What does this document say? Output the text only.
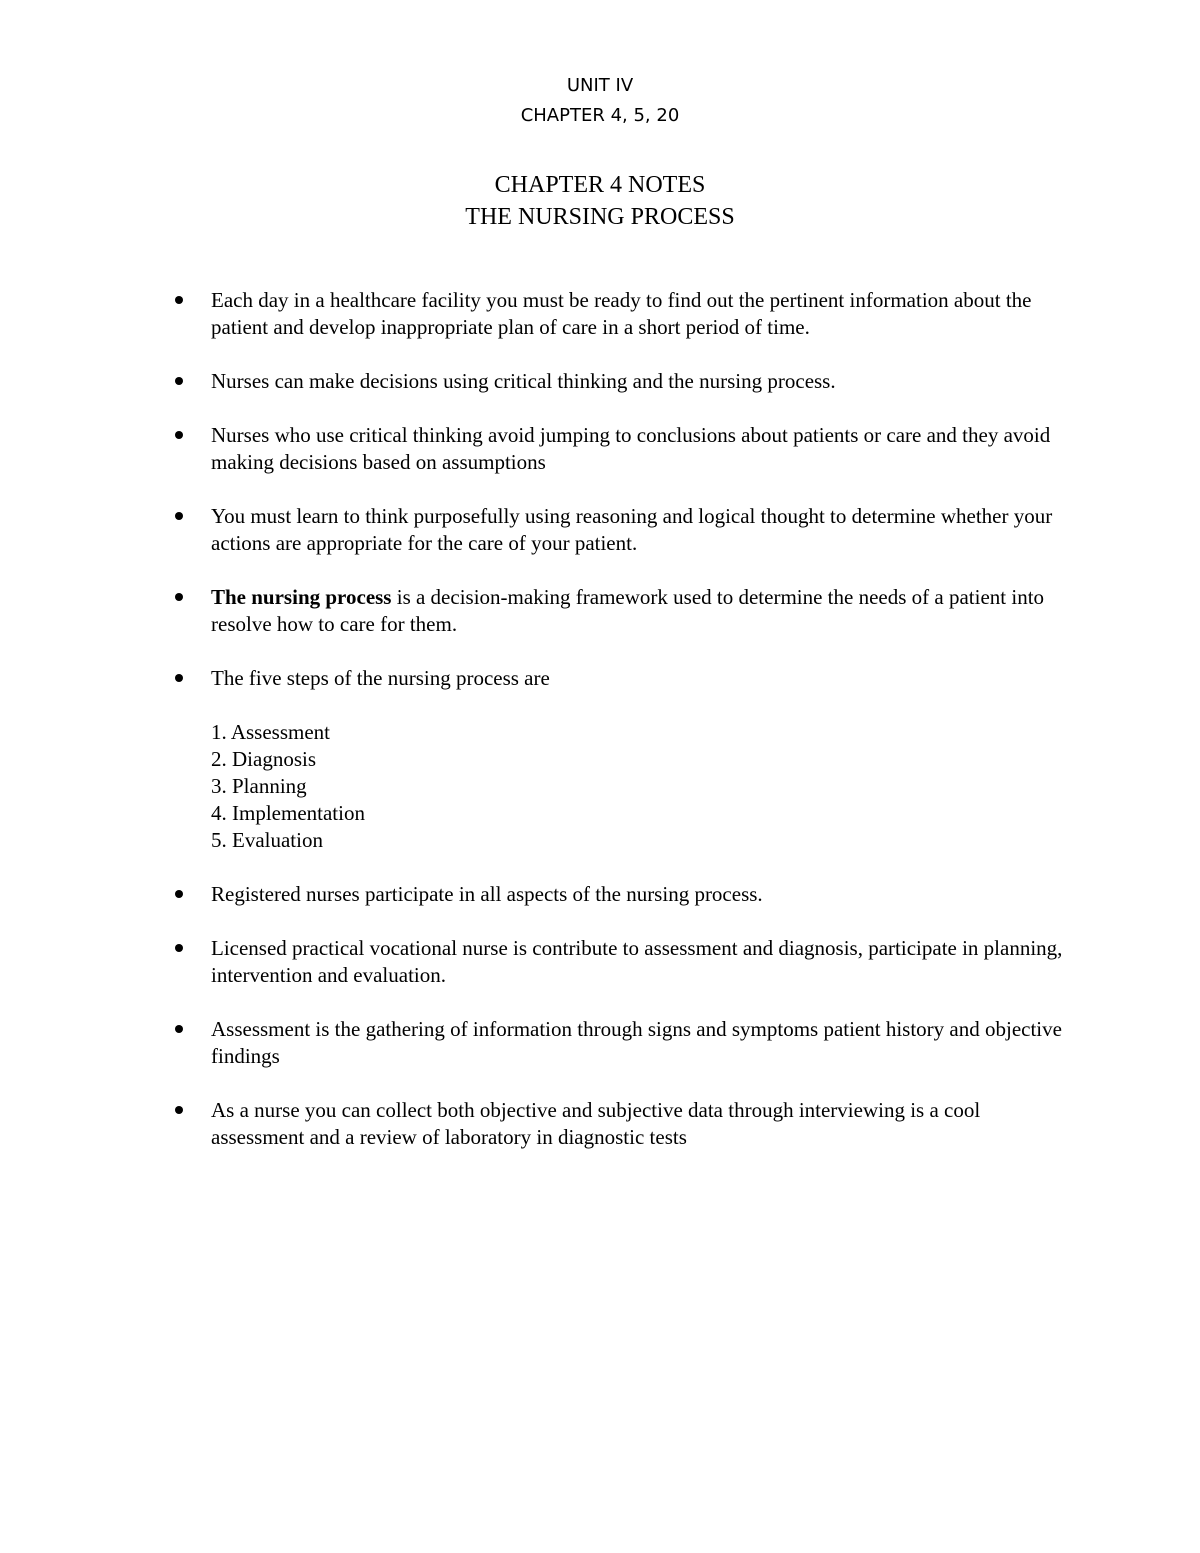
UNIT IV
CHAPTER 4, 5, 20
CHAPTER 4 NOTES
THE NURSING PROCESS
Each day in a healthcare facility you must be ready to find out the pertinent information about the patient and develop inappropriate plan of care in a short period of time.
Nurses can make decisions using critical thinking and the nursing process.
Nurses who use critical thinking avoid jumping to conclusions about patients or care and they avoid making decisions based on assumptions
You must learn to think purposefully using reasoning and logical thought to determine whether your actions are appropriate for the care of your patient.
The nursing process is a decision-making framework used to determine the needs of a patient into resolve how to care for them.
The five steps of the nursing process are
1. Assessment
2. Diagnosis
3. Planning
4. Implementation
5. Evaluation
Registered nurses participate in all aspects of the nursing process.
Licensed practical vocational nurse is contribute to assessment and diagnosis, participate in planning, intervention and evaluation.
Assessment is the gathering of information through signs and symptoms patient history and objective findings
As a nurse you can collect both objective and subjective data through interviewing is a cool assessment and a review of laboratory in diagnostic tests
